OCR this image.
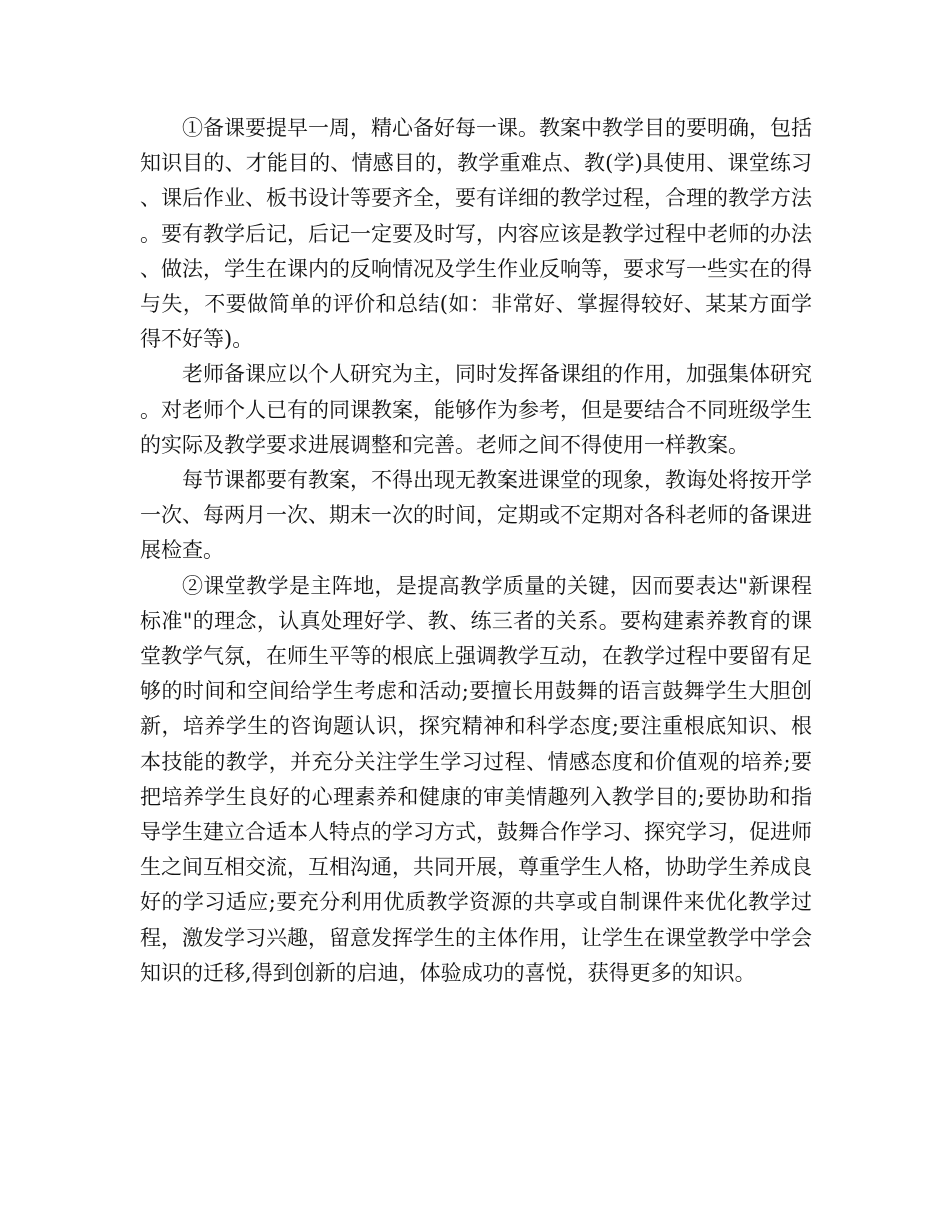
①备课要提早一周，精心备好每一课。教案中教学目的要明确，包括知识目的、才能目的、情感目的，教学重难点、教(学)具使用、课堂练习、课后作业、板书设计等要齐全，要有详细的教学过程，合理的教学方法。要有教学后记，后记一定要及时写，内容应该是教学过程中老师的办法、做法，学生在课内的反响情况及学生作业反响等，要求写一些实在的得与失，不要做简单的评价和总结(如：非常好、掌握得较好、某某方面学得不好等)。

老师备课应以个人研究为主，同时发挥备课组的作用，加强集体研究。对老师个人已有的同课教案，能够作为参考，但是要结合不同班级学生的实际及教学要求进展调整和完善。老师之间不得使用一样教案。

每节课都要有教案，不得出现无教案进课堂的现象，教诲处将按开学一次、每两月一次、期末一次的时间，定期或不定期对各科老师的备课进展检查。

②课堂教学是主阵地，是提高教学质量的关键，因而要表达"新课程标准"的理念，认真处理好学、教、练三者的关系。要构建素养教育的课堂教学气氛，在师生平等的根底上强调教学互动，在教学过程中要留有足够的时间和空间给学生考虑和活动;要擅长用鼓舞的语言鼓舞学生大胆创新，培养学生的咨询题认识，探究精神和科学态度;要注重根底知识、根本技能的教学，并充分关注学生学习过程、情感态度和价值观的培养;要把培养学生良好的心理素养和健康的审美情趣列入教学目的;要协助和指导学生建立合适本人特点的学习方式，鼓舞合作学习、探究学习，促进师生之间互相交流，互相沟通，共同开展，尊重学生人格，协助学生养成良好的学习适应;要充分利用优质教学资源的共享或自制课件来优化教学过程，激发学习兴趣，留意发挥学生的主体作用，让学生在课堂教学中学会知识的迁移,得到创新的启迪，体验成功的喜悦，获得更多的知识。
